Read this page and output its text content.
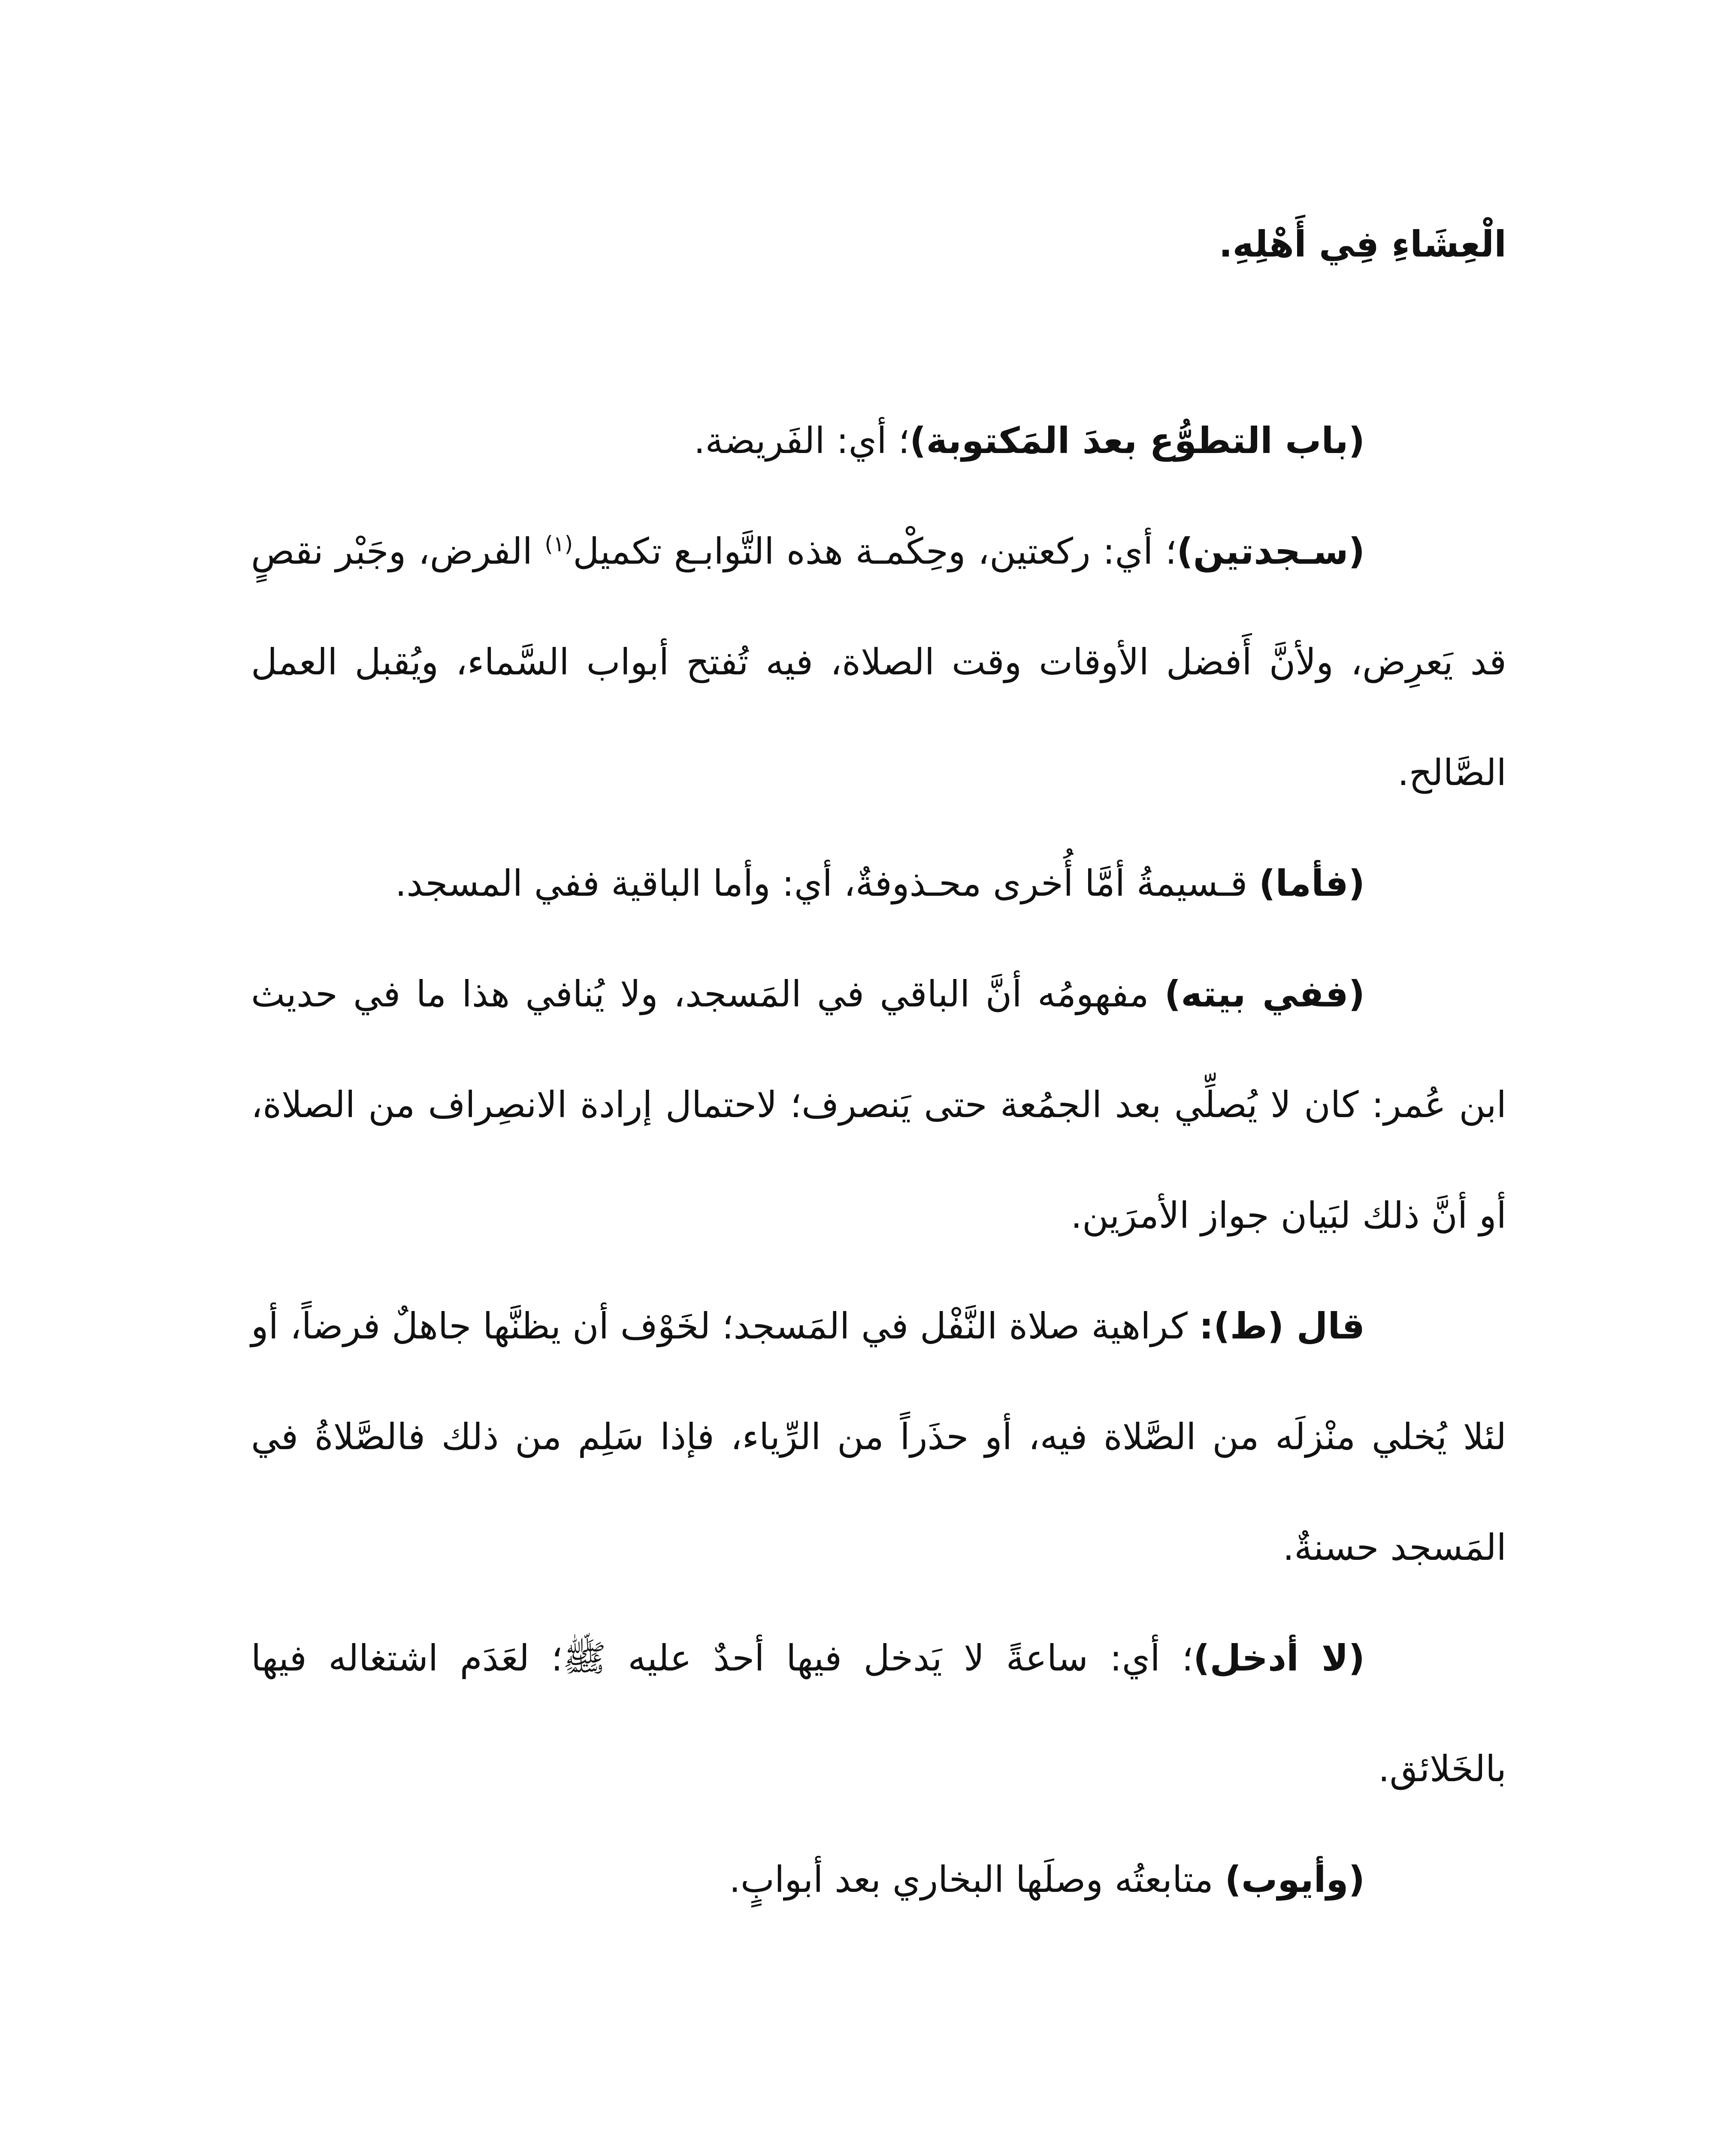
الْعِشَاءِ فِي أَهْلِهِ.

(باب التطوُّع بعدَ المَكتوبة)؛ أي: الفَريضة.

(سـجدتين)؛ أي: ركعتين، وحِكْمـة هذه التَّوابـع تكميل$^{(١)}$ الفرض، وجَبْر نقصٍ قد يَعرِض، ولأنَّ أَفضل الأوقات وقت الصلاة، فيه تُفتح أبواب السَّماء، ويُقبل العمل الصَّالح.

(فأما) قـسيمةُ أمَّا أُخرى محـذوفةٌ، أي: وأما الباقية ففي المسجد.

(ففي بيته) مفهومُه أنَّ الباقي في المَسجد، ولا يُنافي هذا ما في حديث ابن عُمر: كان لا يُصلِّي بعد الجمُعة حتى يَنصرف؛ لاحتمال إرادة الانصِراف من الصلاة، أو أنَّ ذلك لبَيان جواز الأمرَين.

قال (ط): كراهية صلاة النَّفْل في المَسجد؛ لخَوْف أن يظنَّها جاهلٌ فرضاً، أو لئلا يُخلي منْزلَه من الصَّلاة فيه، أو حذَراً من الرِّياء، فإذا سَلِم من ذلك فالصَّلاةُ في المَسجد حسنةٌ.

(لا أدخل)؛ أي: ساعةً لا يَدخل فيها أحدٌ عليه ﷺ؛ لعَدَم اشتغاله فيها بالخَلائق.

(وأيوب) متابعتُه وصلَها البخاري بعد أبوابٍ.
